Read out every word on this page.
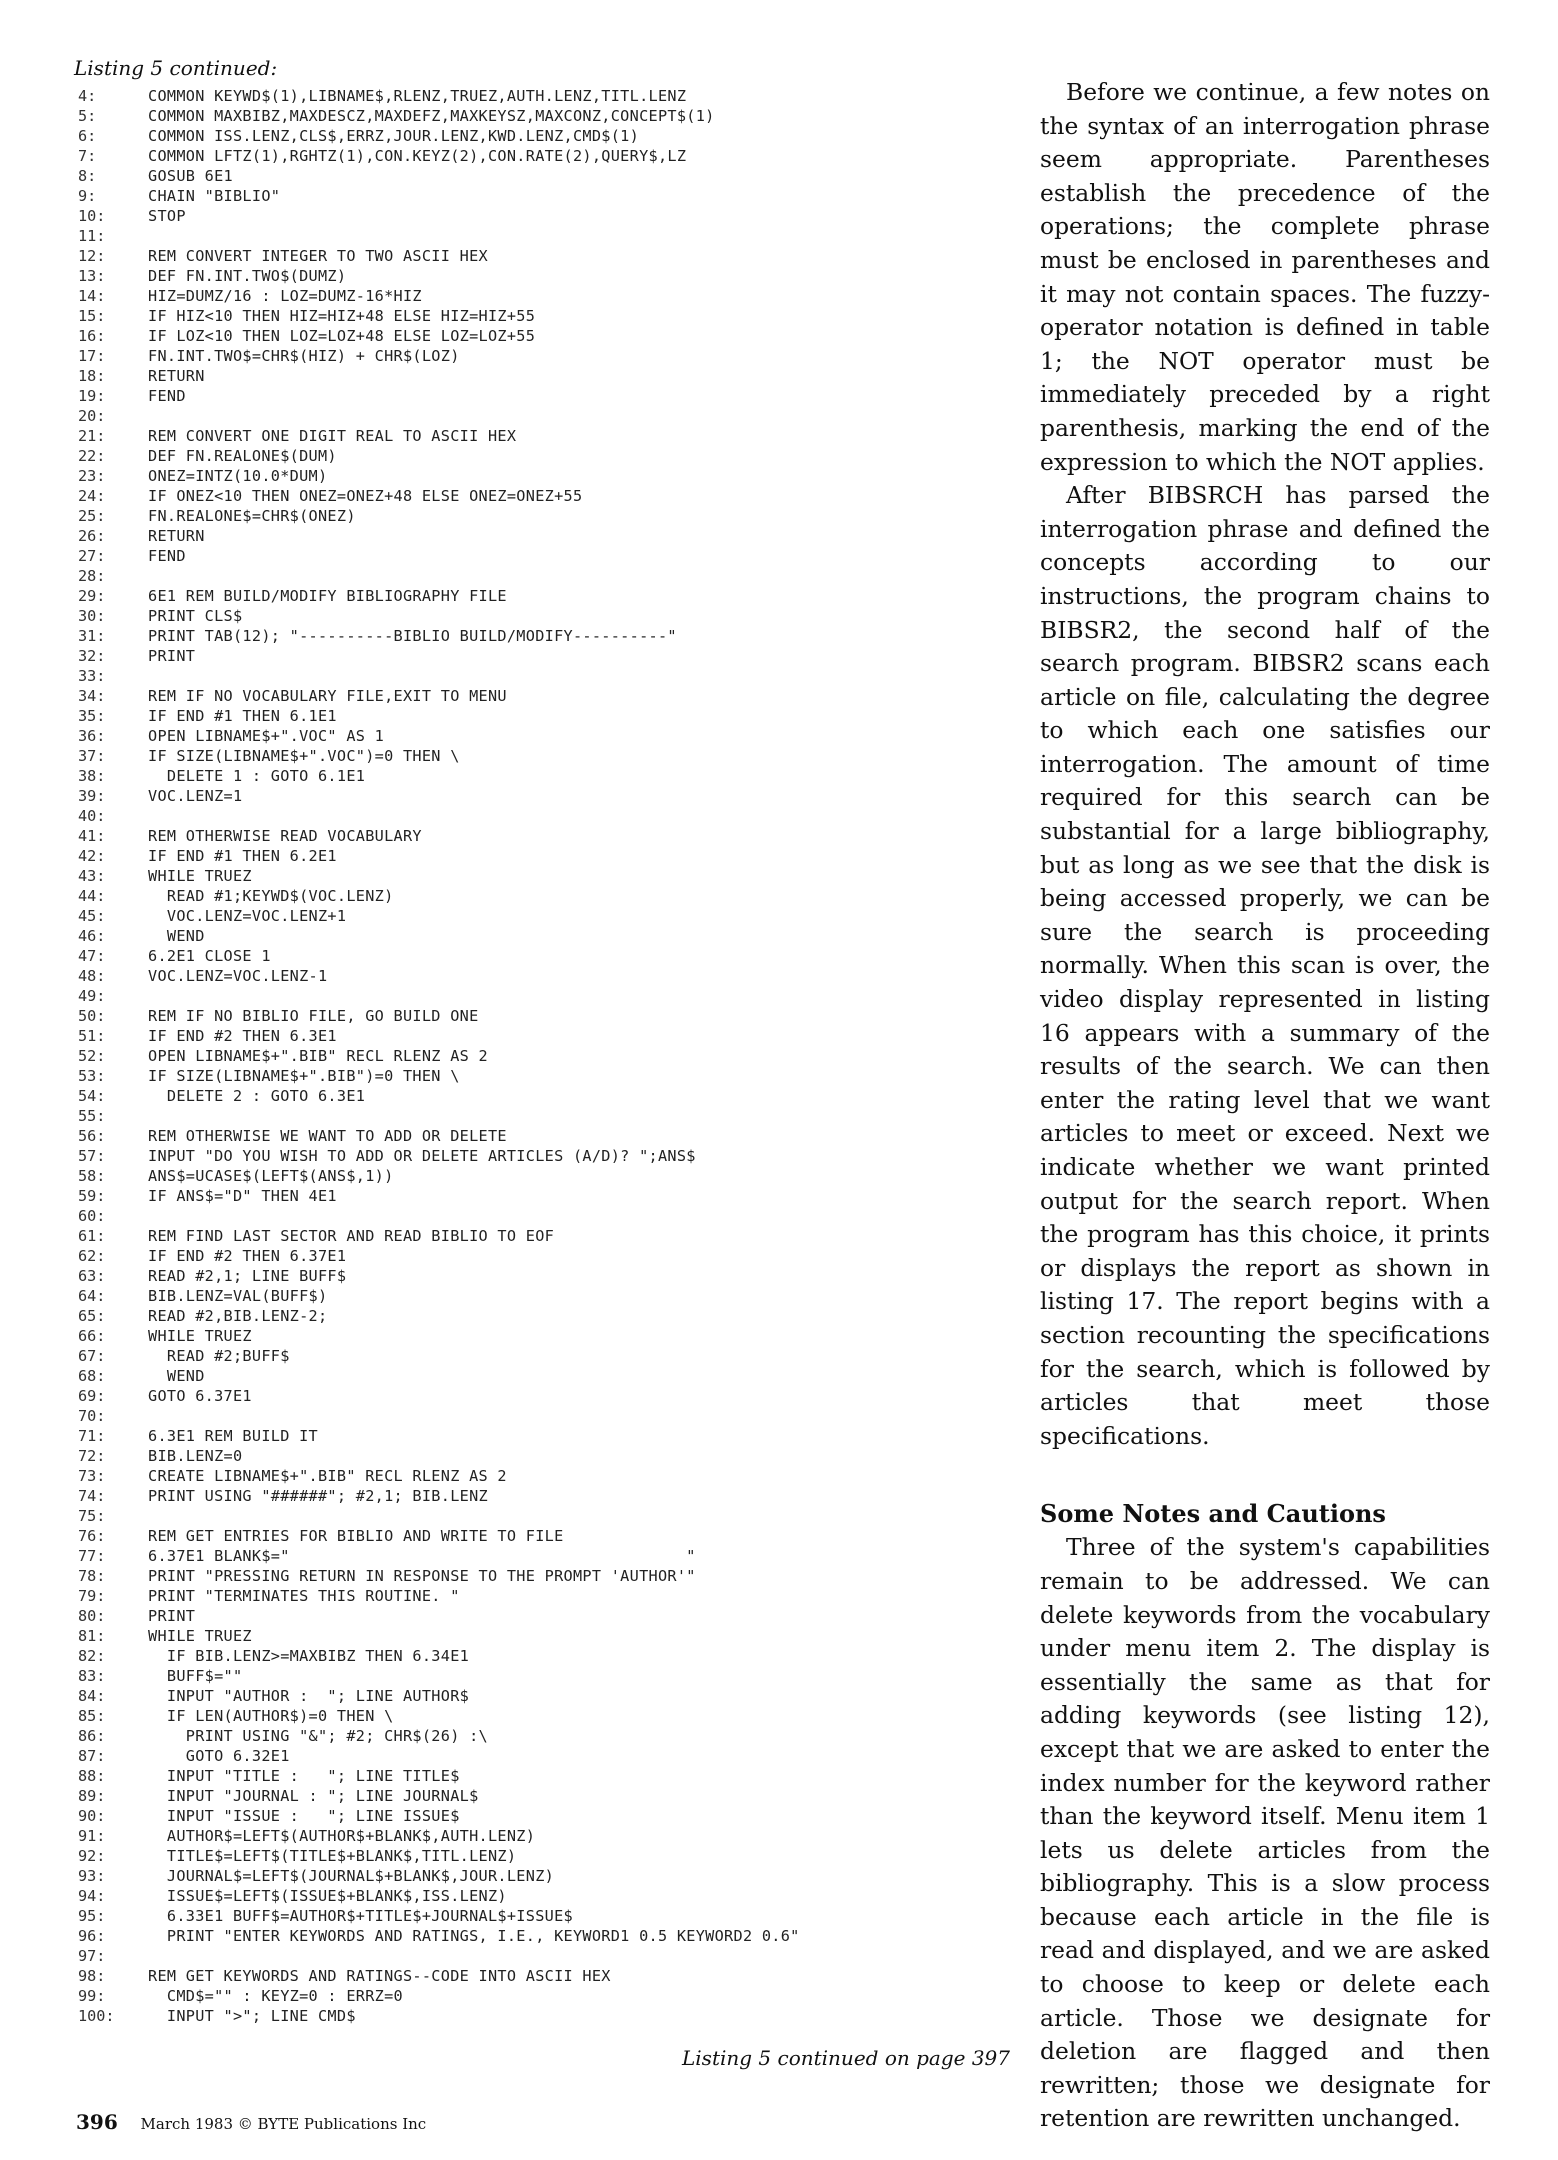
Listing 5 continued:
4:	COMMON KEYWD$(1),LIBNAME$,RLENZ,TRUEZ,AUTH.LENZ,TITL.LENZ
5:	COMMON MAXBIBZ,MAXDESCZ,MAXDEFZ,MAXKEYSZ,MAXCONZ,CONCEPT$(1)
6:	COMMON ISS.LENZ,CLS$,ERRZ,JOUR.LENZ,KWD.LENZ,CMD$(1)
7:	COMMON LFTZ(1),RGHTZ(1),CON.KEYZ(2),CON.RATE(2),QUERY$,LZ
8:	GOSUB 6E1
9:	CHAIN "BIBLIO"
10:	STOP
11:
12:	REM CONVERT INTEGER TO TWO ASCII HEX
13:	DEF FN.INT.TWO$(DUMZ)
14:	HIZ=DUMZ/16 : LOZ=DUMZ-16*HIZ
15:	IF HIZ<10 THEN HIZ=HIZ+48 ELSE HIZ=HIZ+55
16:	IF LOZ<10 THEN LOZ=LOZ+48 ELSE LOZ=LOZ+55
17:	FN.INT.TWO$=CHR$(HIZ) + CHR$(LOZ)
18:	RETURN
19:	FEND
20:
21:	REM CONVERT ONE DIGIT REAL TO ASCII HEX
22:	DEF FN.REALONE$(DUM)
23:	ONEZ=INTZ(10.0*DUM)
24:	IF ONEZ<10 THEN ONEZ=ONEZ+48 ELSE ONEZ=ONEZ+55
25:	FN.REALONE$=CHR$(ONEZ)
26:	RETURN
27:	FEND
28:
29:	6E1 REM BUILD/MODIFY BIBLIOGRAPHY FILE
30:	PRINT CLS$
31:	PRINT TAB(12); "----------BIBLIO BUILD/MODIFY----------"
32:	PRINT
33:
34:	REM IF NO VOCABULARY FILE,EXIT TO MENU
35:	IF END #1 THEN 6.1E1
36:	OPEN LIBNAME$+".VOC" AS 1
37:	IF SIZE(LIBNAME$+".VOC")=0 THEN \
38:	DELETE 1 : GOTO 6.1E1
39:	VOC.LENZ=1
40:
41:	REM OTHERWISE READ VOCABULARY
42:	IF END #1 THEN 6.2E1
43:	WHILE TRUEZ
44:	READ #1;KEYWD$(VOC.LENZ)
45:	VOC.LENZ=VOC.LENZ+1
46:	WEND
47:	6.2E1 CLOSE 1
48:	VOC.LENZ=VOC.LENZ-1
49:
50:	REM IF NO BIBLIO FILE, GO BUILD ONE
51:	IF END #2 THEN 6.3E1
52:	OPEN LIBNAME$+".BIB" RECL RLENZ AS 2
53:	IF SIZE(LIBNAME$+".BIB")=0 THEN \
54:	DELETE 2 : GOTO 6.3E1
55:
56:	REM OTHERWISE WE WANT TO ADD OR DELETE
57:	INPUT "DO YOU WISH TO ADD OR DELETE ARTICLES (A/D)? ";ANS$
58:	ANS$=UCASE$(LEFT$(ANS$,1))
59:	IF ANS$="D" THEN 4E1
60:
61:	REM FIND LAST SECTOR AND READ BIBLIO TO EOF
62:	IF END #2 THEN 6.37E1
63:	READ #2,1; LINE BUFF$
64:	BIB.LENZ=VAL(BUFF$)
65:	READ #2,BIB.LENZ-2;
66:	WHILE TRUEZ
67:	READ #2;BUFF$
68:	WEND
69:	GOTO 6.37E1
70:
71:	6.3E1 REM BUILD IT
72:	BIB.LENZ=0
73:	CREATE LIBNAME$+".BIB" RECL RLENZ AS 2
74:	PRINT USING "######"; #2,1; BIB.LENZ
75:
76:	REM GET ENTRIES FOR BIBLIO AND WRITE TO FILE
77:	6.37E1 BLANK$="                                          "
78:	PRINT "PRESSING RETURN IN RESPONSE TO THE PROMPT 'AUTHOR'"
79:	PRINT "TERMINATES THIS ROUTINE. "
80:	PRINT
81:	WHILE TRUEZ
82:	IF BIB.LENZ>=MAXBIBZ THEN 6.34E1
83:	BUFF$=""
84:	INPUT "AUTHOR :  "; LINE AUTHOR$
85:	IF LEN(AUTHOR$)=0 THEN \
86:	PRINT USING "&"; #2; CHR$(26) :\
87:	GOTO 6.32E1
88:	INPUT "TITLE :   "; LINE TITLE$
89:	INPUT "JOURNAL : "; LINE JOURNAL$
90:	INPUT "ISSUE :   "; LINE ISSUE$
91:	AUTHOR$=LEFT$(AUTHOR$+BLANK$,AUTH.LENZ)
92:	TITLE$=LEFT$(TITLE$+BLANK$,TITL.LENZ)
93:	JOURNAL$=LEFT$(JOURNAL$+BLANK$,JOUR.LENZ)
94:	ISSUE$=LEFT$(ISSUE$+BLANK$,ISS.LENZ)
95:	6.33E1 BUFF$=AUTHOR$+TITLE$+JOURNAL$+ISSUE$
96:	PRINT "ENTER KEYWORDS AND RATINGS, I.E., KEYWORD1 0.5 KEYWORD2 0.6"
97:
98:	REM GET KEYWORDS AND RATINGS--CODE INTO ASCII HEX
99:	CMD$="" : KEYZ=0 : ERRZ=0
100:	INPUT ">"; LINE CMD$
Listing 5 continued on page 397

Before we continue, a few notes on the syntax of an interrogation phrase seem appropriate. Parentheses establish the precedence of the operations; the complete phrase must be enclosed in parentheses and it may not contain spaces. The fuzzy-operator notation is defined in table 1; the NOT operator must be immediately preceded by a right parenthesis, marking the end of the expression to which the NOT applies.

After BIBSRCH has parsed the interrogation phrase and defined the concepts according to our instructions, the program chains to BIBSR2, the second half of the search program. BIBSR2 scans each article on file, calculating the degree to which each one satisfies our interrogation. The amount of time required for this search can be substantial for a large bibliography, but as long as we see that the disk is being accessed properly, we can be sure the search is proceeding normally. When this scan is over, the video display represented in listing 16 appears with a summary of the results of the search. We can then enter the rating level that we want articles to meet or exceed. Next we indicate whether we want printed output for the search report. When the program has this choice, it prints or displays the report as shown in listing 17. The report begins with a section recounting the specifications for the search, which is followed by articles that meet those specifications.

Some Notes and Cautions

Three of the system's capabilities remain to be addressed. We can delete keywords from the vocabulary under menu item 2. The display is essentially the same as that for adding keywords (see listing 12), except that we are asked to enter the index number for the keyword rather than the keyword itself. Menu item 1 lets us delete articles from the bibliography. This is a slow process because each article in the file is read and displayed, and we are asked to choose to keep or delete each article. Those we designate for deletion are flagged and then rewritten; those we designate for retention are rewritten unchanged.

396 March 1983 © BYTE Publications Inc
